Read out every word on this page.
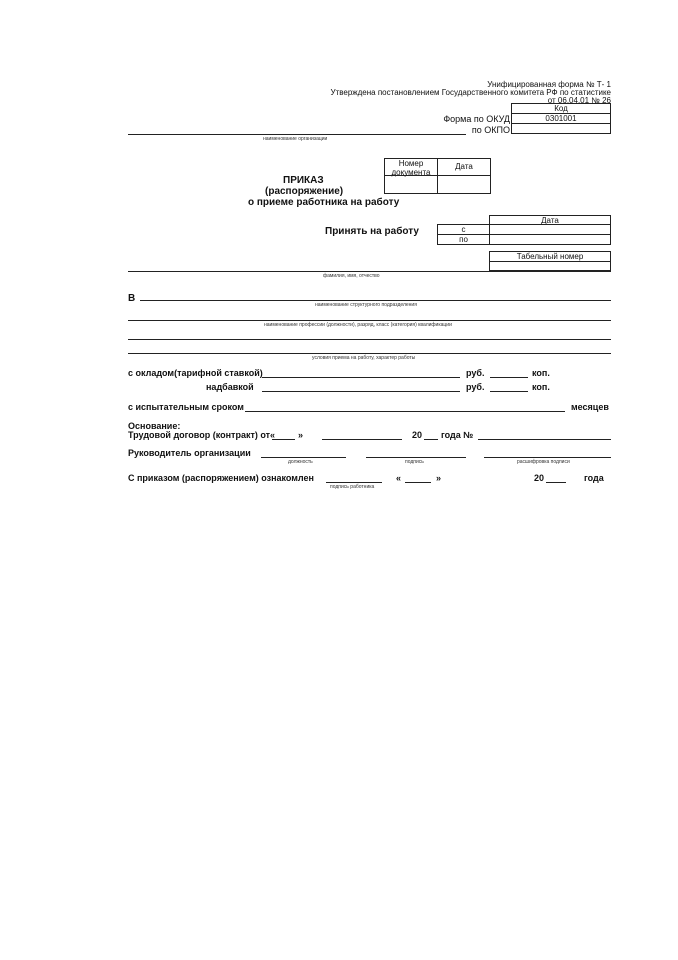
Унифицированная форма № Т- 1
Утверждена постановлением Государственного комитета РФ по статистике
от 06.04.01 № 26
Код
Форма по ОКУД	0301001
по ОКПО
наименование организации
Номер документа
Дата
ПРИКАЗ
(распоряжение)
о приеме работника на работу
Принять на работу
Дата
с
по
Табельный номер
фамилия, имя, отчество
В
наименование структурного подразделения
наименование профессии (должности), разряд, класс (категория) квалификации
условия приема на работу, характер работы
с окладом(тарифной ставкой)	руб.	коп.
надбавкой	руб.	коп.
с испытательным сроком	месяцев
Основание:
Трудовой договор (контракт) от«	»	20 года №
Руководитель организации
должность	подпись	расшифровка подписи
С приказом (распоряжением) ознакомлен
подпись работника
«	»	20	года
